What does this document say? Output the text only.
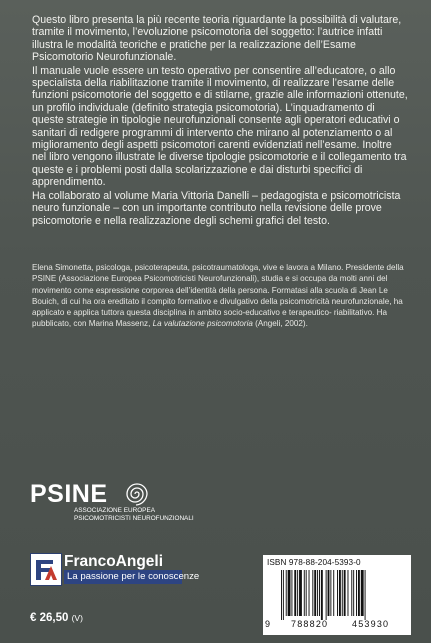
Questo libro presenta la più recente teoria riguardante la possibilità di valutare, tramite il movimento, l’evoluzione psicomotoria del soggetto: l’autrice infatti illustra le modalità teoriche e pratiche per la realizzazione dell’Esame Psicomotorio Neurofunzionale.

Il manuale vuole essere un testo operativo per consentire all’educatore, o allo specialista della riabilitazione tramite il movimento, di realizzare l’esame delle funzioni psicomotorie del soggetto e di stilarne, grazie alle informazioni ottenute, un profilo individuale (definito strategia psicomotoria). L’inquadramento di queste strategie in tipologie neurofunzionali consente agli operatori educativi o sanitari di redigere programmi di intervento che mirano al potenziamento o al miglioramento degli aspetti psicomotori carenti evidenziati nell’esame. Inoltre nel libro vengono illustrate le diverse tipologie psicomotorie e il collegamento tra queste e i problemi posti dalla scolarizzazione e dai disturbi specifici di apprendimento.

Ha collaborato al volume Maria Vittoria Danelli – pedagogista e psicomotricista neuro funzionale – con un importante contributo nella revisione delle prove psicomotorie e nella realizzazione degli schemi grafici del testo.

Elena Simonetta, psicologa, psicoterapeuta, psicotraumatologa, vive e lavora a Milano. Presidente della PSINE (Associazione Europea Psicomotricisti Neurofunzionali), studia e si occupa da molti anni del movimento come espressione corporea dell’identità della persona. Formatasi alla scuola di Jean Le Bouich, di cui ha ora ereditato il compito formativo e divulgativo della psicomotricità neurofunzionale, ha applicato e applica tuttora questa disciplina in ambito socio-educativo e terapeutico- riabilitativo. Ha pubblicato, con Marina Massenz, La valutazione psicomotoria (Angeli, 2002).
PSINE
ASSOCIAZIONE EUROPEA
PSICOMOTRICISTI NEUROFUNZIONALI
FrancoAngeli
La passione per le conoscenze
€ 26,50 (V)
ISBN 978-88-204-5393-0
9 788820	453930
